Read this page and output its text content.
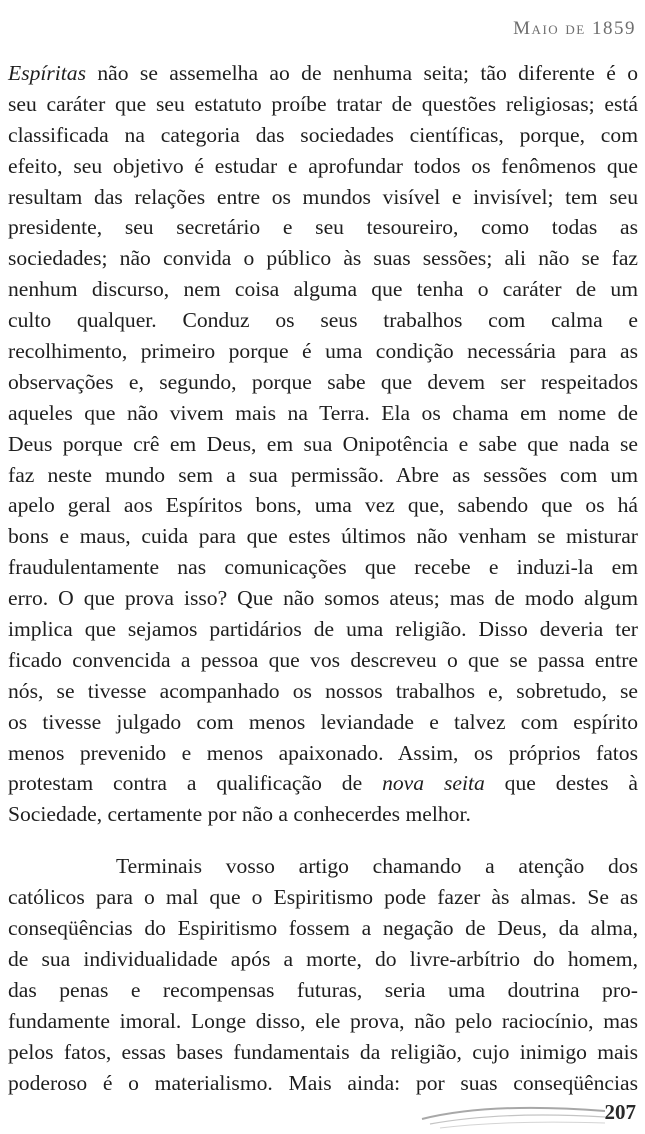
Maio de 1859
Espíritas não se assemelha ao de nenhuma seita; tão diferente é o
seu caráter que seu estatuto proíbe tratar de questões religiosas; está
classificada na categoria das sociedades científicas, porque, com
efeito, seu objetivo é estudar e aprofundar todos os fenômenos que
resultam das relações entre os mundos visível e invisível; tem seu
presidente, seu secretário e seu tesoureiro, como todas as
sociedades; não convida o público às suas sessões; ali não se faz
nenhum discurso, nem coisa alguma que tenha o caráter de um
culto qualquer. Conduz os seus trabalhos com calma e
recolhimento, primeiro porque é uma condição necessária para as
observações e, segundo, porque sabe que devem ser respeitados
aqueles que não vivem mais na Terra. Ela os chama em nome de
Deus porque crê em Deus, em sua Onipotência e sabe que nada se
faz neste mundo sem a sua permissão. Abre as sessões com um
apelo geral aos Espíritos bons, uma vez que, sabendo que os há
bons e maus, cuida para que estes últimos não venham se misturar
fraudulentamente nas comunicações que recebe e induzi-la em
erro. O que prova isso? Que não somos ateus; mas de modo algum
implica que sejamos partidários de uma religião. Disso deveria ter
ficado convencida a pessoa que vos descreveu o que se passa entre
nós, se tivesse acompanhado os nossos trabalhos e, sobretudo, se
os tivesse julgado com menos leviandade e talvez com espírito
menos prevenido e menos apaixonado. Assim, os próprios fatos
protestam contra a qualificação de nova seita que destes à
Sociedade, certamente por não a conhecerdes melhor.
Terminais vosso artigo chamando a atenção dos
católicos para o mal que o Espiritismo pode fazer às almas. Se as
conseqüências do Espiritismo fossem a negação de Deus, da alma,
de sua individualidade após a morte, do livre-arbítrio do homem,
das penas e recompensas futuras, seria uma doutrina pro-
fundamente imoral. Longe disso, ele prova, não pelo raciocínio, mas
pelos fatos, essas bases fundamentais da religião, cujo inimigo mais
poderoso é o materialismo. Mais ainda: por suas conseqüências
207
